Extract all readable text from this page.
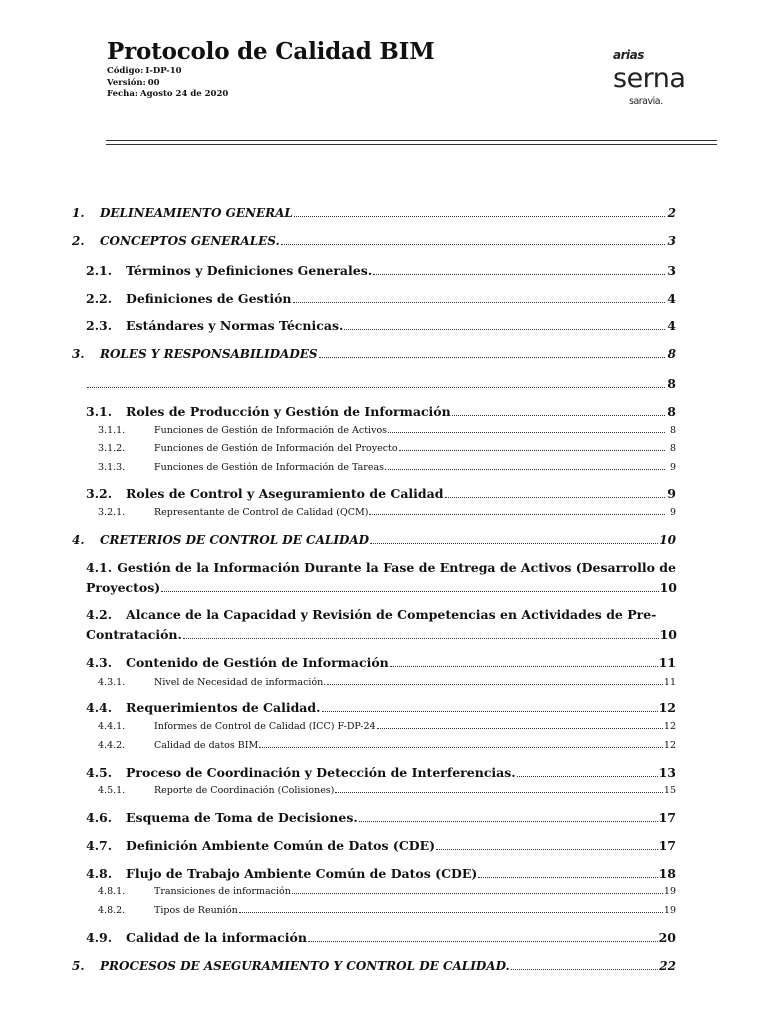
Protocolo de Calidad BIM
Código: I-DP-10
Versión: 00
Fecha: Agosto 24 de 2020
arias
serna
saravia.
1.	DELINEAMIENTO GENERAL	2
2.	CONCEPTOS GENERALES.	3
2.1.	Términos y Definiciones Generales.	3
2.2.	Definiciones de Gestión	4
2.3.	Estándares y Normas Técnicas.	4
3.	ROLES Y RESPONSABILIDADES	8
8
3.1.	Roles de Producción y Gestión de Información	8
3.1.1.	Funciones de Gestión de Información de Activos	8
3.1.2.	Funciones de Gestión de Información del Proyecto	8
3.1.3.	Funciones de Gestión de Información de Tareas.	9
3.2.	Roles de Control y Aseguramiento de Calidad	9
3.2.1.	Representante de Control de Calidad (QCM)	9
4.	CRETERIOS DE CONTROL DE CALIDAD	10
4.1. Gestión de la Información Durante la Fase de Entrega de Activos (Desarrollo de
Proyectos)	10
4.2.	Alcance de la Capacidad y Revisión de Competencias en Actividades de Pre-
Contratación.	10
4.3.	Contenido de Gestión de Información	11
4.3.1.	Nivel de Necesidad de información.	11
4.4.	Requerimientos de Calidad.	12
4.4.1.	Informes de Control de Calidad (ICC) F-DP-24	12
4.4.2.	Calidad de datos BIM	12
4.5.	Proceso de Coordinación y Detección de Interferencias.	13
4.5.1.	Reporte de Coordinación (Colisiones)	15
4.6.	Esquema de Toma de Decisiones.	17
4.7.	Definición Ambiente Común de Datos (CDE)	17
4.8.	Flujo de Trabajo Ambiente Común de Datos (CDE)	18
4.8.1.	Transiciones de información	19
4.8.2.	Tipos de Reunión	19
4.9.	Calidad de la información	20
5.	PROCESOS DE ASEGURAMIENTO Y CONTROL DE CALIDAD.	22
